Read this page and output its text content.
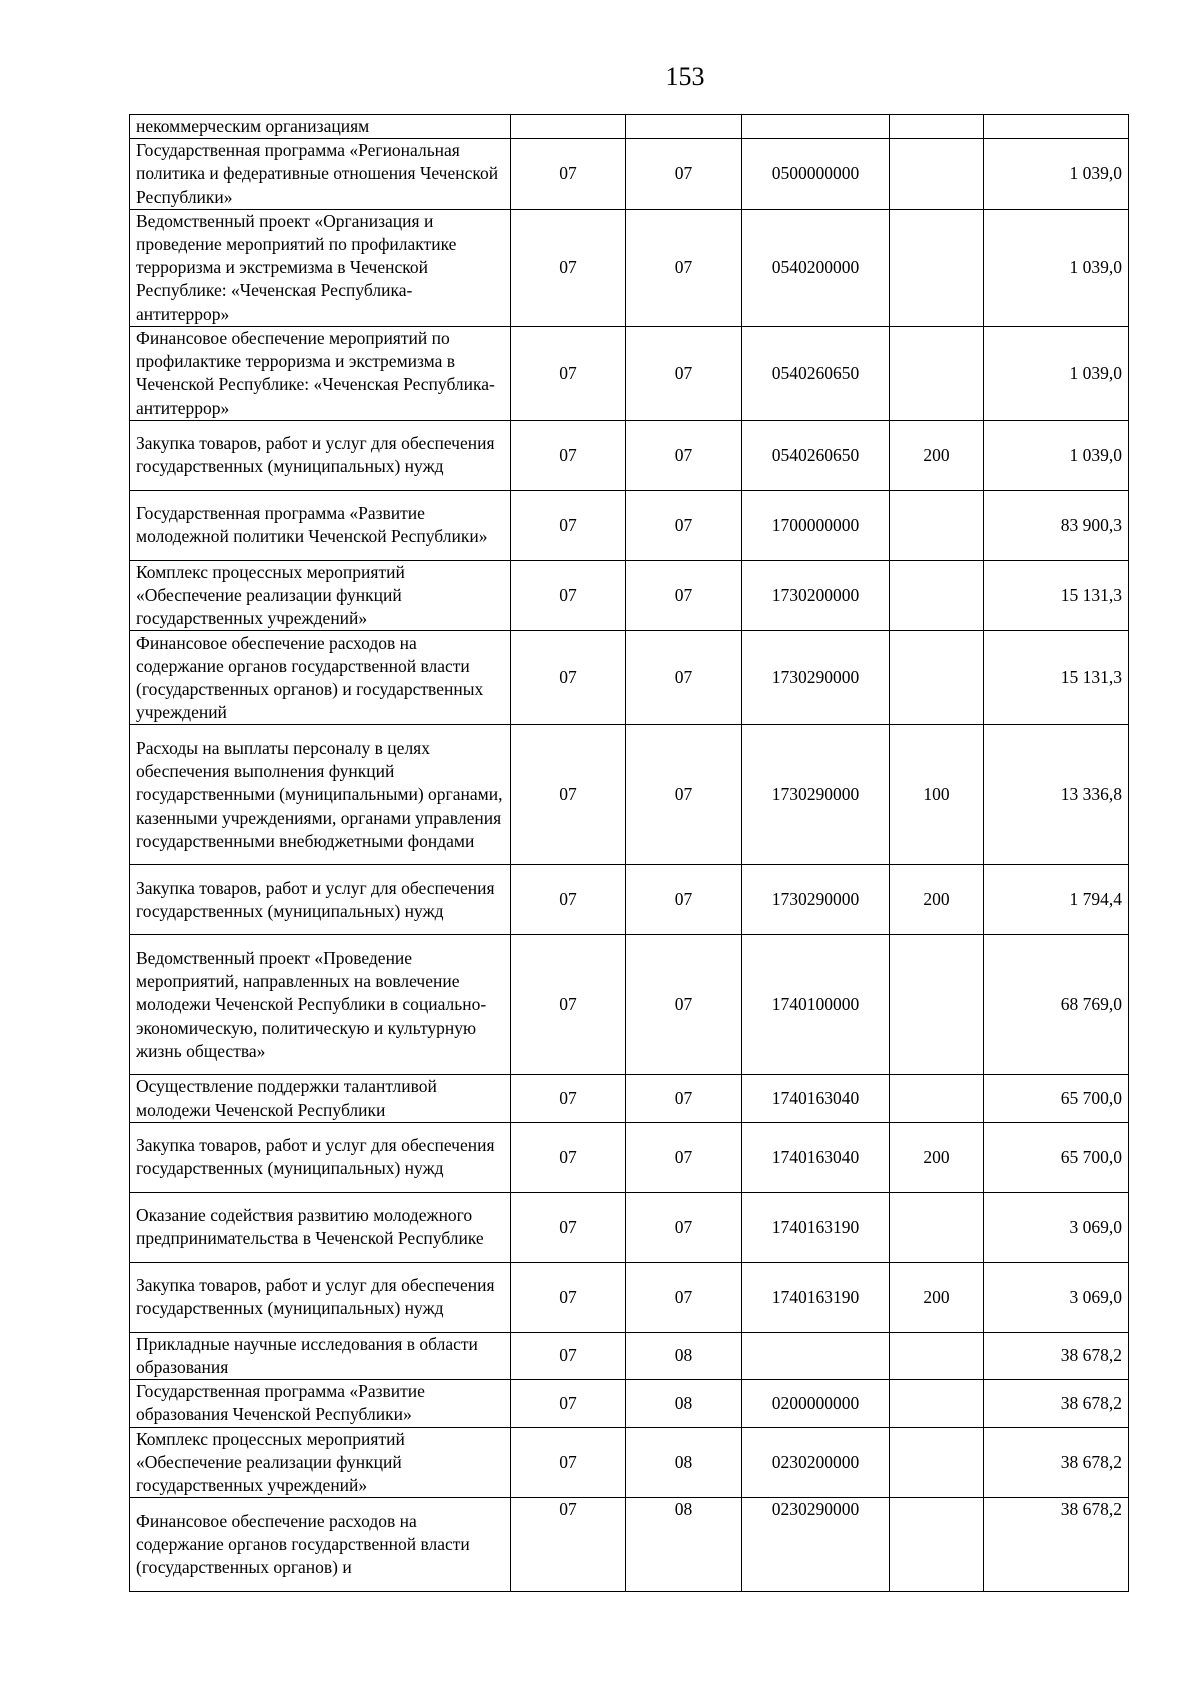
153
некоммерческим организациям					
Государственная программа «Региональная политика и федеративные отношения Чеченской Республики»	07	07	0500000000		1 039,0
Ведомственный проект «Организация и проведение мероприятий по профилактике терроризма и экстремизма в Чеченской Республике: «Чеченская Республика-антитеррор»	07	07	0540200000		1 039,0
Финансовое обеспечение мероприятий по профилактике терроризма и экстремизма в Чеченской Республике: «Чеченская Республика-антитеррор»	07	07	0540260650		1 039,0
Закупка товаров, работ и услуг для обеспечения государственных (муниципальных) нужд	07	07	0540260650	200	1 039,0
Государственная программа «Развитие молодежной политики Чеченской Республики»	07	07	1700000000		83 900,3
Комплекс процессных мероприятий «Обеспечение реализации функций государственных учреждений»	07	07	1730200000		15 131,3
Финансовое обеспечение расходов на содержание органов государственной власти (государственных органов) и государственных учреждений	07	07	1730290000		15 131,3
Расходы на выплаты персоналу в целях обеспечения выполнения функций государственными (муниципальными) органами, казенными учреждениями, органами управления государственными внебюджетными фондами	07	07	1730290000	100	13 336,8
Закупка товаров, работ и услуг для обеспечения государственных (муниципальных) нужд	07	07	1730290000	200	1 794,4
Ведомственный проект «Проведение мероприятий, направленных на вовлечение молодежи Чеченской Республики в социально-экономическую, политическую и культурную жизнь общества»	07	07	1740100000		68 769,0
Осуществление поддержки талантливой молодежи Чеченской Республики	07	07	1740163040		65 700,0
Закупка товаров, работ и услуг для обеспечения государственных (муниципальных) нужд	07	07	1740163040	200	65 700,0
Оказание содействия развитию молодежного предпринимательства в Чеченской Республике	07	07	1740163190		3 069,0
Закупка товаров, работ и услуг для обеспечения государственных (муниципальных) нужд	07	07	1740163190	200	3 069,0
Прикладные научные исследования в области образования	07	08			38 678,2
Государственная программа «Развитие образования Чеченской Республики»	07	08	0200000000		38 678,2
Комплекс процессных мероприятий «Обеспечение реализации функций государственных учреждений»	07	08	0230200000		38 678,2
Финансовое обеспечение расходов на содержание органов государственной власти (государственных органов) и	07	08	0230290000		38 678,2
